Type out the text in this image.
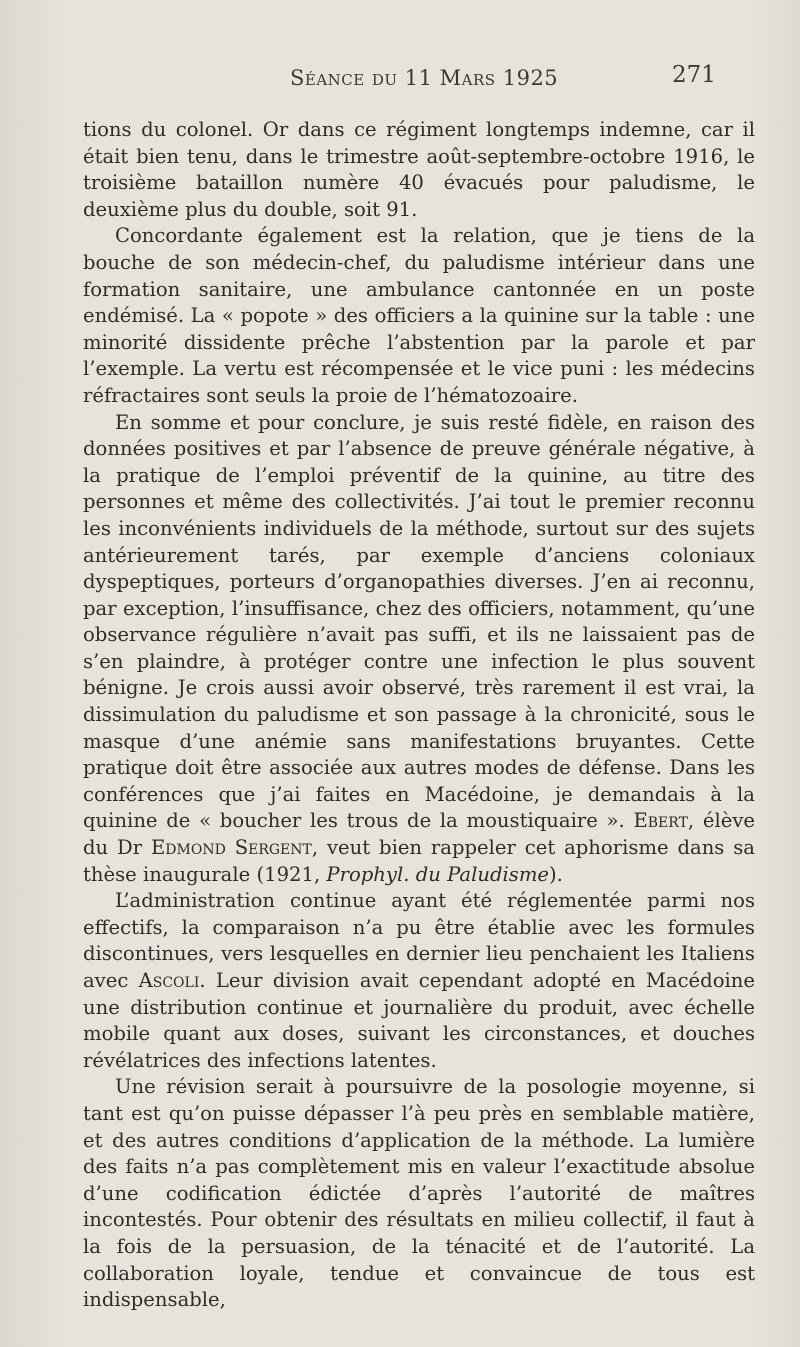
Séance du 11 Mars 1925	271

tions du colonel. Or dans ce régiment longtemps indemne, car il était bien tenu, dans le trimestre août-septembre-octobre 1916, le troisième bataillon numère 40 évacués pour paludisme, le deuxième plus du double, soit 91.

Concordante également est la relation, que je tiens de la bouche de son médecin-chef, du paludisme intérieur dans une formation sanitaire, une ambulance cantonnée en un poste endémisé. La « popote » des officiers a la quinine sur la table : une minorité dissidente prêche l’abstention par la parole et par l’exemple. La vertu est récompensée et le vice puni : les médecins réfractaires sont seuls la proie de l’hématozoaire.

En somme et pour conclure, je suis resté fidèle, en raison des données positives et par l’absence de preuve générale négative, à la pratique de l’emploi préventif de la quinine, au titre des personnes et même des collectivités. J’ai tout le premier reconnu les inconvénients individuels de la méthode, surtout sur des sujets antérieurement tarés, par exemple d’anciens coloniaux dyspeptiques, porteurs d’organopathies diverses. J’en ai reconnu, par exception, l’insuffisance, chez des officiers, notamment, qu’une observance régulière n’avait pas suffi, et ils ne laissaient pas de s’en plaindre, à protéger contre une infection le plus souvent bénigne. Je crois aussi avoir observé, très rarement il est vrai, la dissimulation du paludisme et son passage à la chronicité, sous le masque d’une anémie sans manifestations bruyantes. Cette pratique doit être associée aux autres modes de défense. Dans les conférences que j’ai faites en Macédoine, je demandais à la quinine de « boucher les trous de la moustiquaire ». Ebert, élève du Dr Edmond Sergent, veut bien rappeler cet aphorisme dans sa thèse inaugurale (1921, Prophyl. du Paludisme).

L’administration continue ayant été réglementée parmi nos effectifs, la comparaison n’a pu être établie avec les formules discontinues, vers lesquelles en dernier lieu penchaient les Italiens avec Ascoli. Leur division avait cependant adopté en Macédoine une distribution continue et journalière du produit, avec échelle mobile quant aux doses, suivant les circonstances, et douches révélatrices des infections latentes.

Une révision serait à poursuivre de la posologie moyenne, si tant est qu’on puisse dépasser l’à peu près en semblable matière, et des autres conditions d’application de la méthode. La lumière des faits n’a pas complètement mis en valeur l’exactitude absolue d’une codification édictée d’après l’autorité de maîtres incontestés. Pour obtenir des résultats en milieu collectif, il faut à la fois de la persuasion, de la ténacité et de l’autorité. La collaboration loyale, tendue et convaincue de tous est indispensable,
